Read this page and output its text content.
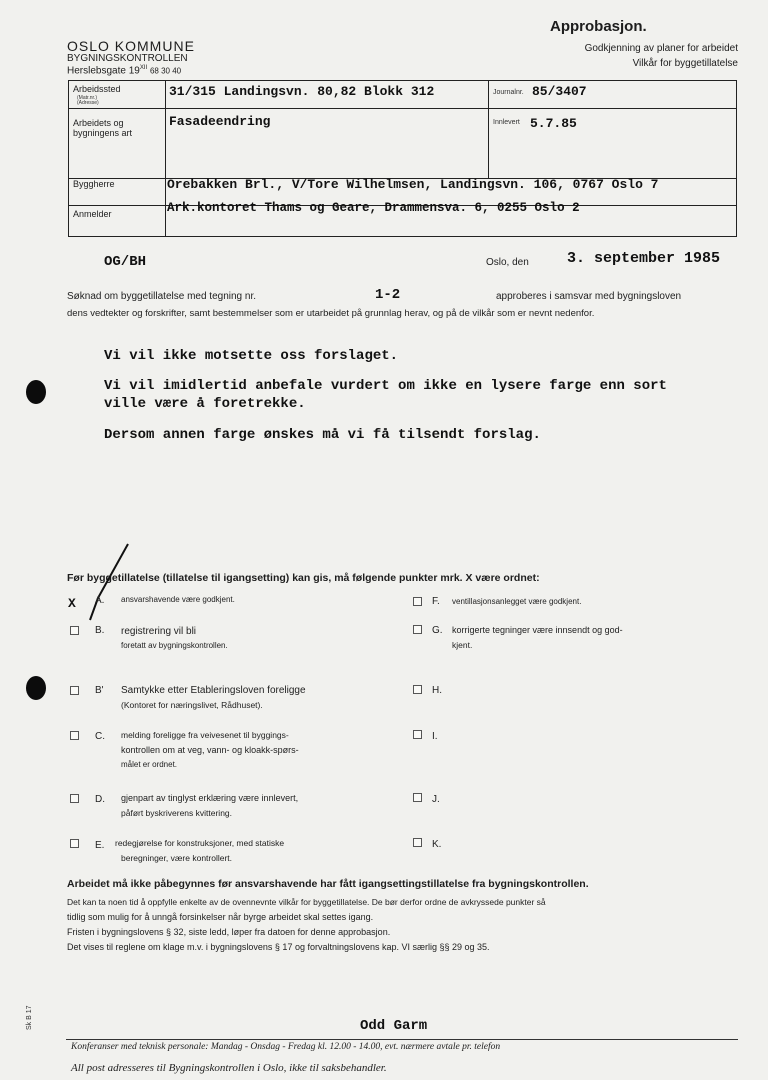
OSLO KOMMUNE
BYGNINGSKONTROLLEN
Herslebsgate $19^{XII}$ 68 30 40
Approbasjon.
Godkjenning av planer for arbeidet
Vilkår for byggetillatelse
Arbeidssted
(Matr.nr.)
(Adresse)
31/315 Landingsvn. 80,82 Blokk 312	Journalnr. 85/3407
Arbeidets og
bygningens art
Fasadeendring	Innlevert 5.7.85
Byggherre	Orebakken Brl., V/Tore Wilhelmsen, Landingsvn. 106, 0767 Oslo 7
Anmelder	Ark.kontoret Thams og Geare, Drammensva. 6, 0255 Oslo 2
OG/BH	Oslo, den	3. september 1985
Søknad om byggetillatelse med tegning nr.	1-2	approberes i samsvar med bygningsloven
dens vedtekter og forskrifter, samt bestemmelser som er utarbeidet på grunnlag herav, og på de vilkår som er nevnt nedenfor.
Vi vil ikke motsette oss forslaget.
Vi vil imidlertid anbefale vurdert om ikke en lysere farge enn sort
ville være å foretrekke.
Dersom annen farge ønskes må vi få tilsendt forslag.
Før byggetillatelse (tillatelse til igangsetting) kan gis, må følgende punkter mrk. X være ordnet:
X A. ansvarshavende være godkjent.
B. registrering vil bli
foretatt av bygningskontrollen.
B' Samtykke etter Etableringsloven foreligge
(Kontoret for næringslivet, Rådhuset).
C. melding foreligge fra veivesenet til byggings-
kontrollen om at veg, vann- og kloakk-spørs-
målet er ordnet.
D. gjenpart av tinglyst erklæring være innlevert,
påført byskriverens kvittering.
E. redegjørelse for konstruksjoner, med statiske
beregninger, være kontrollert.
F. ventillasjonsanlegget være godkjent.
G. korrigerte tegninger være innsendt og god-
kjent.
H.
I.
J.
K.
Arbeidet må ikke påbegynnes før ansvarshavende har fått igangsettingstillatelse fra bygningskontrollen.
Det kan ta noen tid å oppfylle enkelte av de ovennevnte vilkår for byggetillatelse. De bør derfor ordne de avkryssede punkter så
tidlig som mulig for å unngå forsinkelser når byrge arbeidet skal settes igang.
Fristen i bygningslovens § 32, siste ledd, løper fra datoen for denne approbasjon.
Det vises til reglene om klage m.v. i bygningslovens § 17 og forvaltningslovens kap. VI særlig §§ 29 og 35.
Sk B 17	Odd Garm
Konferanser med teknisk personale: Mandag - Onsdag - Fredag kl. 12.00 - 14.00, evt. nærmere avtale pr. telefon
All post adresseres til Bygningskontrollen i Oslo, ikke til saksbehandler.
